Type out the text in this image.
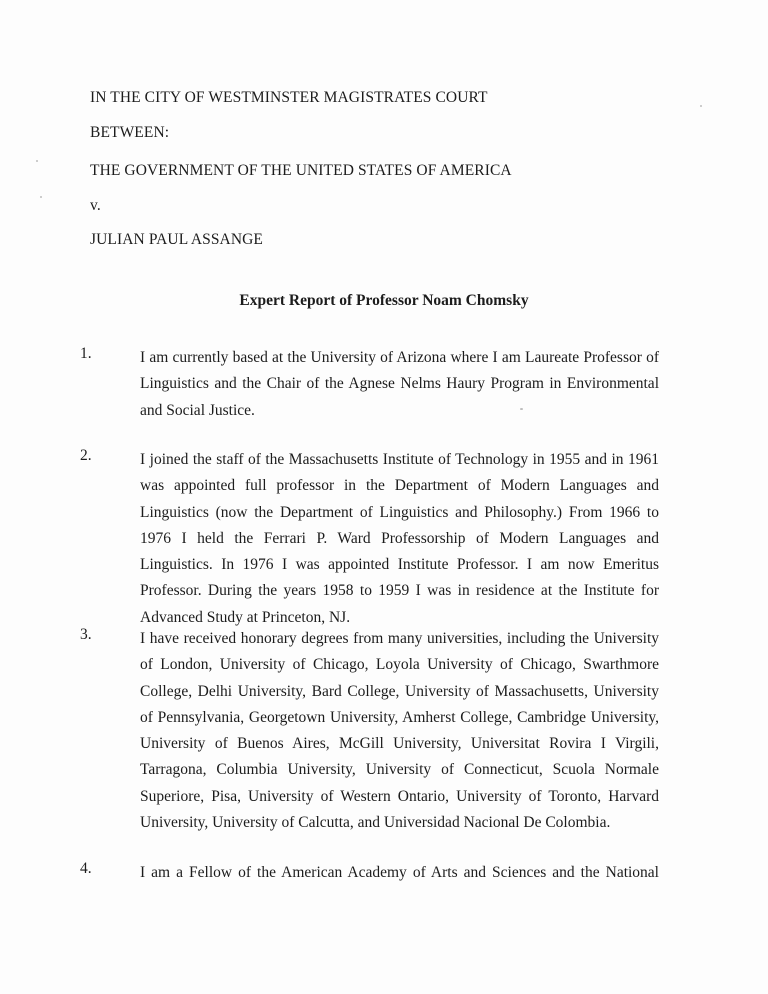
IN THE CITY OF WESTMINSTER MAGISTRATES COURT
BETWEEN:
THE GOVERNMENT OF THE UNITED STATES OF AMERICA
v.
JULIAN PAUL ASSANGE
Expert Report of Professor Noam Chomsky
1.	I am currently based at the University of Arizona where I am Laureate Professor of Linguistics and the Chair of the Agnese Nelms Haury Program in Environmental and Social Justice.

2.	I joined the staff of the Massachusetts Institute of Technology in 1955 and in 1961 was appointed full professor in the Department of Modern Languages and Linguistics (now the Department of Linguistics and Philosophy.) From 1966 to 1976 I held the Ferrari P. Ward Professorship of Modern Languages and Linguistics. In 1976 I was appointed Institute Professor. I am now Emeritus Professor. During the years 1958 to 1959 I was in residence at the Institute for Advanced Study at Princeton, NJ.

3.	I have received honorary degrees from many universities, including the University of London, University of Chicago, Loyola University of Chicago, Swarthmore College, Delhi University, Bard College, University of Massachusetts, University of Pennsylvania, Georgetown University, Amherst College, Cambridge University, University of Buenos Aires, McGill University, Universitat Rovira I Virgili, Tarragona, Columbia University, University of Connecticut, Scuola Normale Superiore, Pisa, University of Western Ontario, University of Toronto, Harvard University, University of Calcutta, and Universidad Nacional De Colombia.

4.	I am a Fellow of the American Academy of Arts and Sciences and the National
